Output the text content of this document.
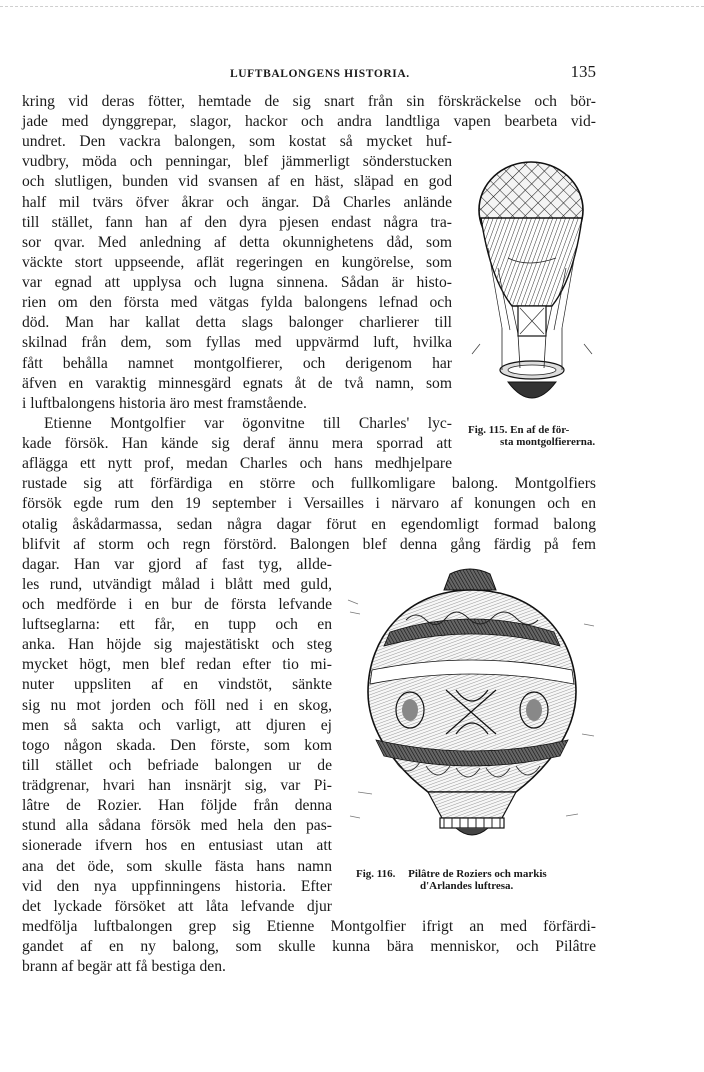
LUFTBALONGENS HISTORIA.	135
kring vid deras fötter, hemtade de sig snart från sin förskräckelse och bör-
jade med dynggrepar, slagor, hackor och andra landtliga vapen bearbeta vid-
undret. Den vackra balongen, som kostat så mycket huf-
vudbry, möda och penningar, blef jämmerligt sönderstucken
och slutligen, bunden vid svansen af en häst, släpad en god
half mil tvärs öfver åkrar och ängar. Då Charles anlände
till stället, fann han af den dyra pjesen endast några tra-
sor qvar. Med anledning af detta okunnighetens dåd, som
väckte stort uppseende, aflät regeringen en kungörelse, som
var egnad att upplysa och lugna sinnena. Sådan är histo-
rien om den första med vätgas fylda balongens lefnad och
död. Man har kallat detta slags balonger charlierer till
skilnad från dem, som fyllas med uppvärmd luft, hvilka
fått behålla namnet montgolfierer, och derigenom har
äfven en varaktig minnesgärd egnats åt de två namn, som
i luftbalongens historia äro mest framstående.
Etienne Montgolfier var ögonvitne till Charles' lyc-
kade försök. Han kände sig deraf ännu mera sporrad att
aflägga ett nytt prof, medan Charles och hans medhjelpare
rustade sig att förfärdiga en större och fullkomligare balong. Montgolfiers
försök egde rum den 19 september i Versailles i närvaro af konungen och en
otalig åskådarmassa, sedan några dagar förut en egendomligt formad balong
blifvit af storm och regn förstörd. Balongen blef denna gång färdig på fem
dagar. Han var gjord af fast tyg, allde-
les rund, utvändigt målad i blått med guld,
och medförde i en bur de första lefvande
luftseglarna: ett får, en tupp och en
anka. Han höjde sig majestätiskt och steg
mycket högt, men blef redan efter tio mi-
nuter uppsliten af en vindstöt, sänkte
sig nu mot jorden och föll ned i en skog,
men så sakta och varligt, att djuren ej
togo någon skada. Den förste, som kom
till stället och befriade balongen ur de
trädgrenar, hvari han insnärjt sig, var Pi-
lâtre de Rozier. Han följde från denna
stund alla sådana försök med hela den pas-
sionerade ifvern hos en entusiast utan att
ana det öde, som skulle fästa hans namn
vid den nya uppfinningens historia. Efter
det lyckade försöket att låta lefvande djur
medfölja luftbalongen grep sig Etienne Montgolfier ifrigt an med förfärdi-
gandet af en ny balong, som skulle kunna bära menniskor, och Pilâtre
brann af begär att få bestiga den.
Fig. 115. En af de för-
sta montgolfiererna.
Fig. 116. Pilâtre de Roziers och markis
d'Arlandes luftresa.
